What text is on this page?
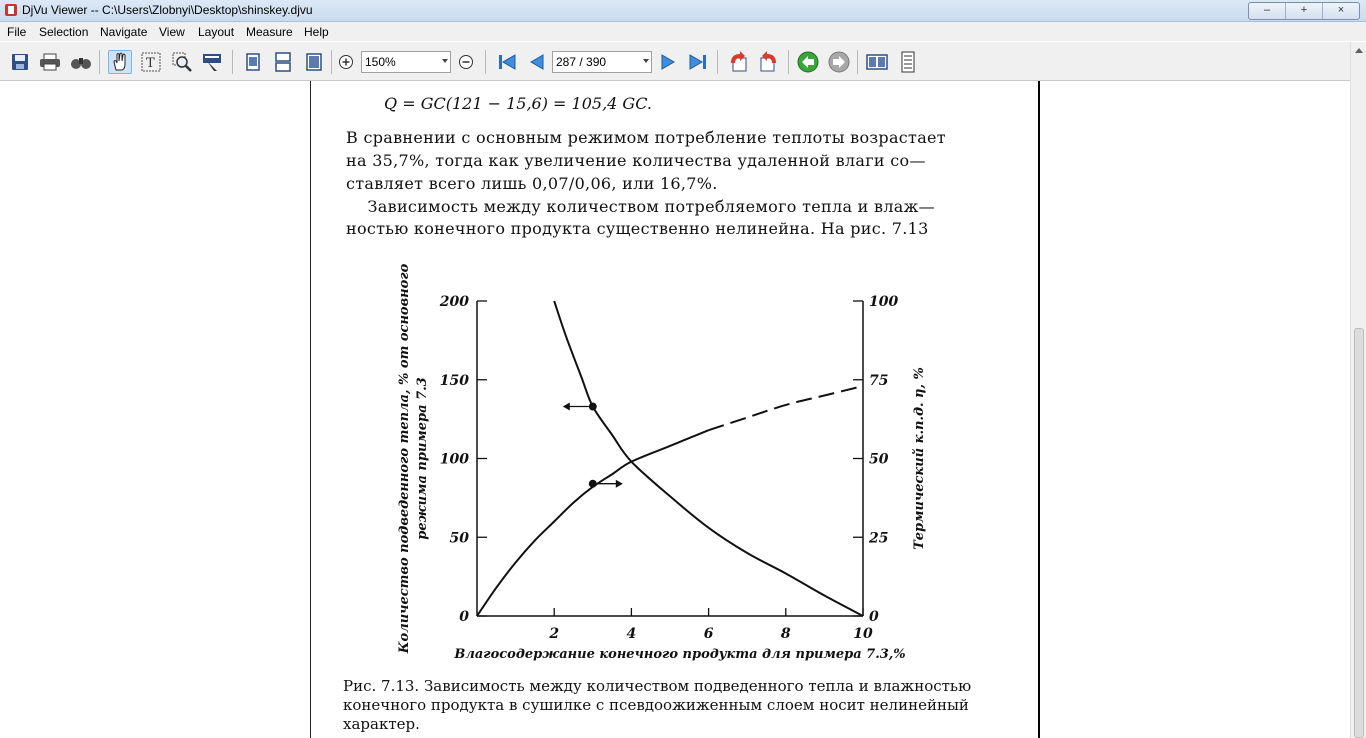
DjVu Viewer -- C:\Users\Zlobnyi\Desktop\shinskey.djvu	–	+	×
File Selection Navigate View Layout Measure Help
T	150%	287 / 390
Q = GC(121 − 15,6) = 105,4 GC.
В сравнении с основным режимом потребление теплоты возрастает
на 35,7%, тогда как увеличение количества удаленной влаги со—
ставляет всего лишь 0,07/0,06, или 16,7%.
Зависимость между количеством потребляемого тепла и влаж—
ностью конечного продукта существенно нелинейна. На рис. 7.13
2	4	6	8	10
0
50
100
150
200
0
25
50
75
100
Влагосодержание конечного продукта для примера 7.3,%
Количество подведенного тепла, % от основного режима примера 7.3	Термический к.п.д. η, %
Рис. 7.13. Зависимость между количеством подведенного тепла и влажностью
конечного продукта в сушилке с псевдоожиженным слоем носит нелинейный
характер.
